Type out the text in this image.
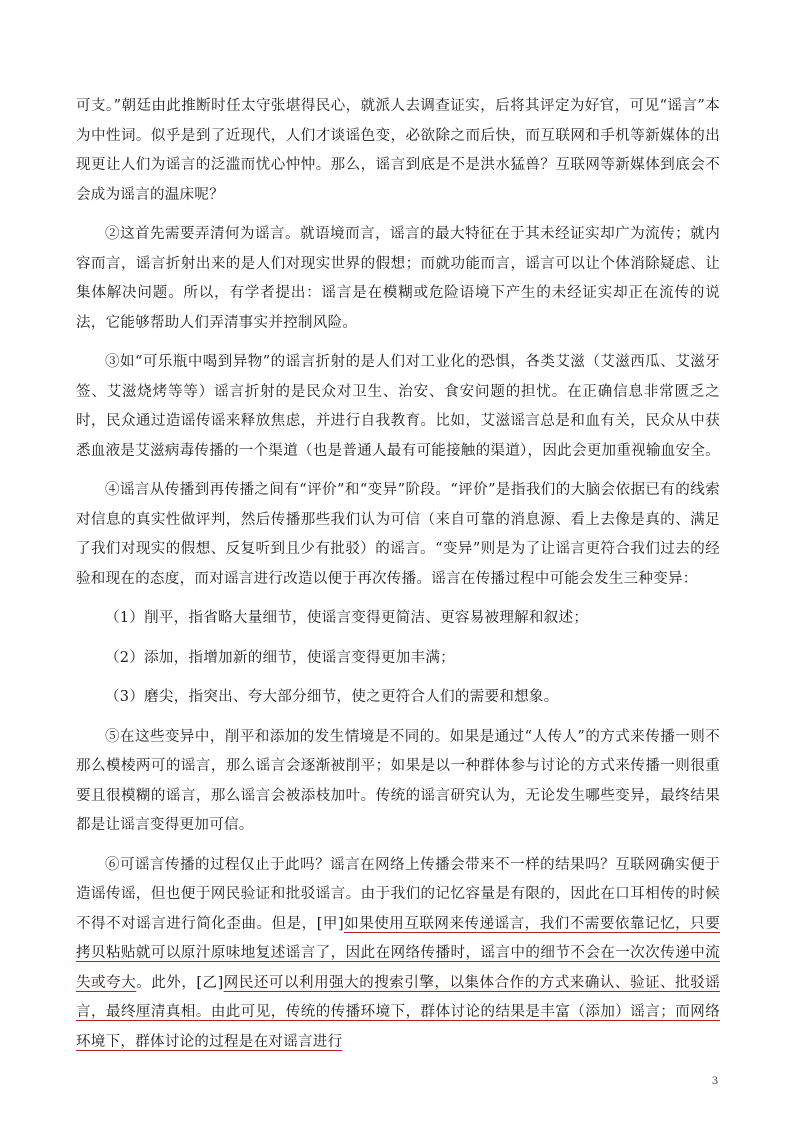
可支。”朝廷由此推断时任太守张堪得民心，就派人去调查证实，后将其评定为好官，可见“谣言”本为中性词。似乎是到了近现代，人们才谈谣色变，必欲除之而后快，而互联网和手机等新媒体的出现更让人们为谣言的泛滥而忧心忡忡。那么，谣言到底是不是洪水猛兽？互联网等新媒体到底会不会成为谣言的温床呢？

②这首先需要弄清何为谣言。就语境而言，谣言的最大特征在于其未经证实却广为流传；就内容而言，谣言折射出来的是人们对现实世界的假想；而就功能而言，谣言可以让个体消除疑虑、让集体解决问题。所以，有学者提出：谣言是在模糊或危险语境下产生的未经证实却正在流传的说法，它能够帮助人们弄清事实并控制风险。

③如“可乐瓶中喝到异物”的谣言折射的是人们对工业化的恐惧，各类艾滋（艾滋西瓜、艾滋牙签、艾滋烧烤等等）谣言折射的是民众对卫生、治安、食安问题的担忧。在正确信息非常匮乏之时，民众通过造谣传谣来释放焦虑，并进行自我教育。比如，艾滋谣言总是和血有关，民众从中获悉血液是艾滋病毒传播的一个渠道（也是普通人最有可能接触的渠道），因此会更加重视输血安全。

④谣言从传播到再传播之间有“评价”和“变异”阶段。“评价”是指我们的大脑会依据已有的线索对信息的真实性做评判，然后传播那些我们认为可信（来自可靠的消息源、看上去像是真的、满足了我们对现实的假想、反复听到且少有批驳）的谣言。“变异”则是为了让谣言更符合我们过去的经验和现在的态度，而对谣言进行改造以便于再次传播。谣言在传播过程中可能会发生三种变异：

（1）削平，指省略大量细节，使谣言变得更简洁、更容易被理解和叙述；

（2）添加，指增加新的细节，使谣言变得更加丰满；

（3）磨尖，指突出、夸大部分细节，使之更符合人们的需要和想象。

⑤在这些变异中，削平和添加的发生情境是不同的。如果是通过“人传人”的方式来传播一则不那么模棱两可的谣言，那么谣言会逐渐被削平；如果是以一种群体参与讨论的方式来传播一则很重要且很模糊的谣言，那么谣言会被添枝加叶。传统的谣言研究认为，无论发生哪些变异，最终结果都是让谣言变得更加可信。

⑥可谣言传播的过程仅止于此吗？谣言在网络上传播会带来不一样的结果吗？互联网确实便于造谣传谣，但也便于网民验证和批驳谣言。由于我们的记忆容量是有限的，因此在口耳相传的时候不得不对谣言进行简化歪曲。但是，[甲]如果使用互联网来传递谣言，我们不需要依靠记忆，只要拷贝粘贴就可以原汁原味地复述谣言了，因此在网络传播时，谣言中的细节不会在一次次传递中流失或夸大。此外，[乙]网民还可以利用强大的搜索引擎，以集体合作的方式来确认、验证、批驳谣言，最终厘清真相。由此可见，传统的传播环境下，群体讨论的结果是丰富（添加）谣言；而网络环境下，群体讨论的过程是在对谣言进行

3
